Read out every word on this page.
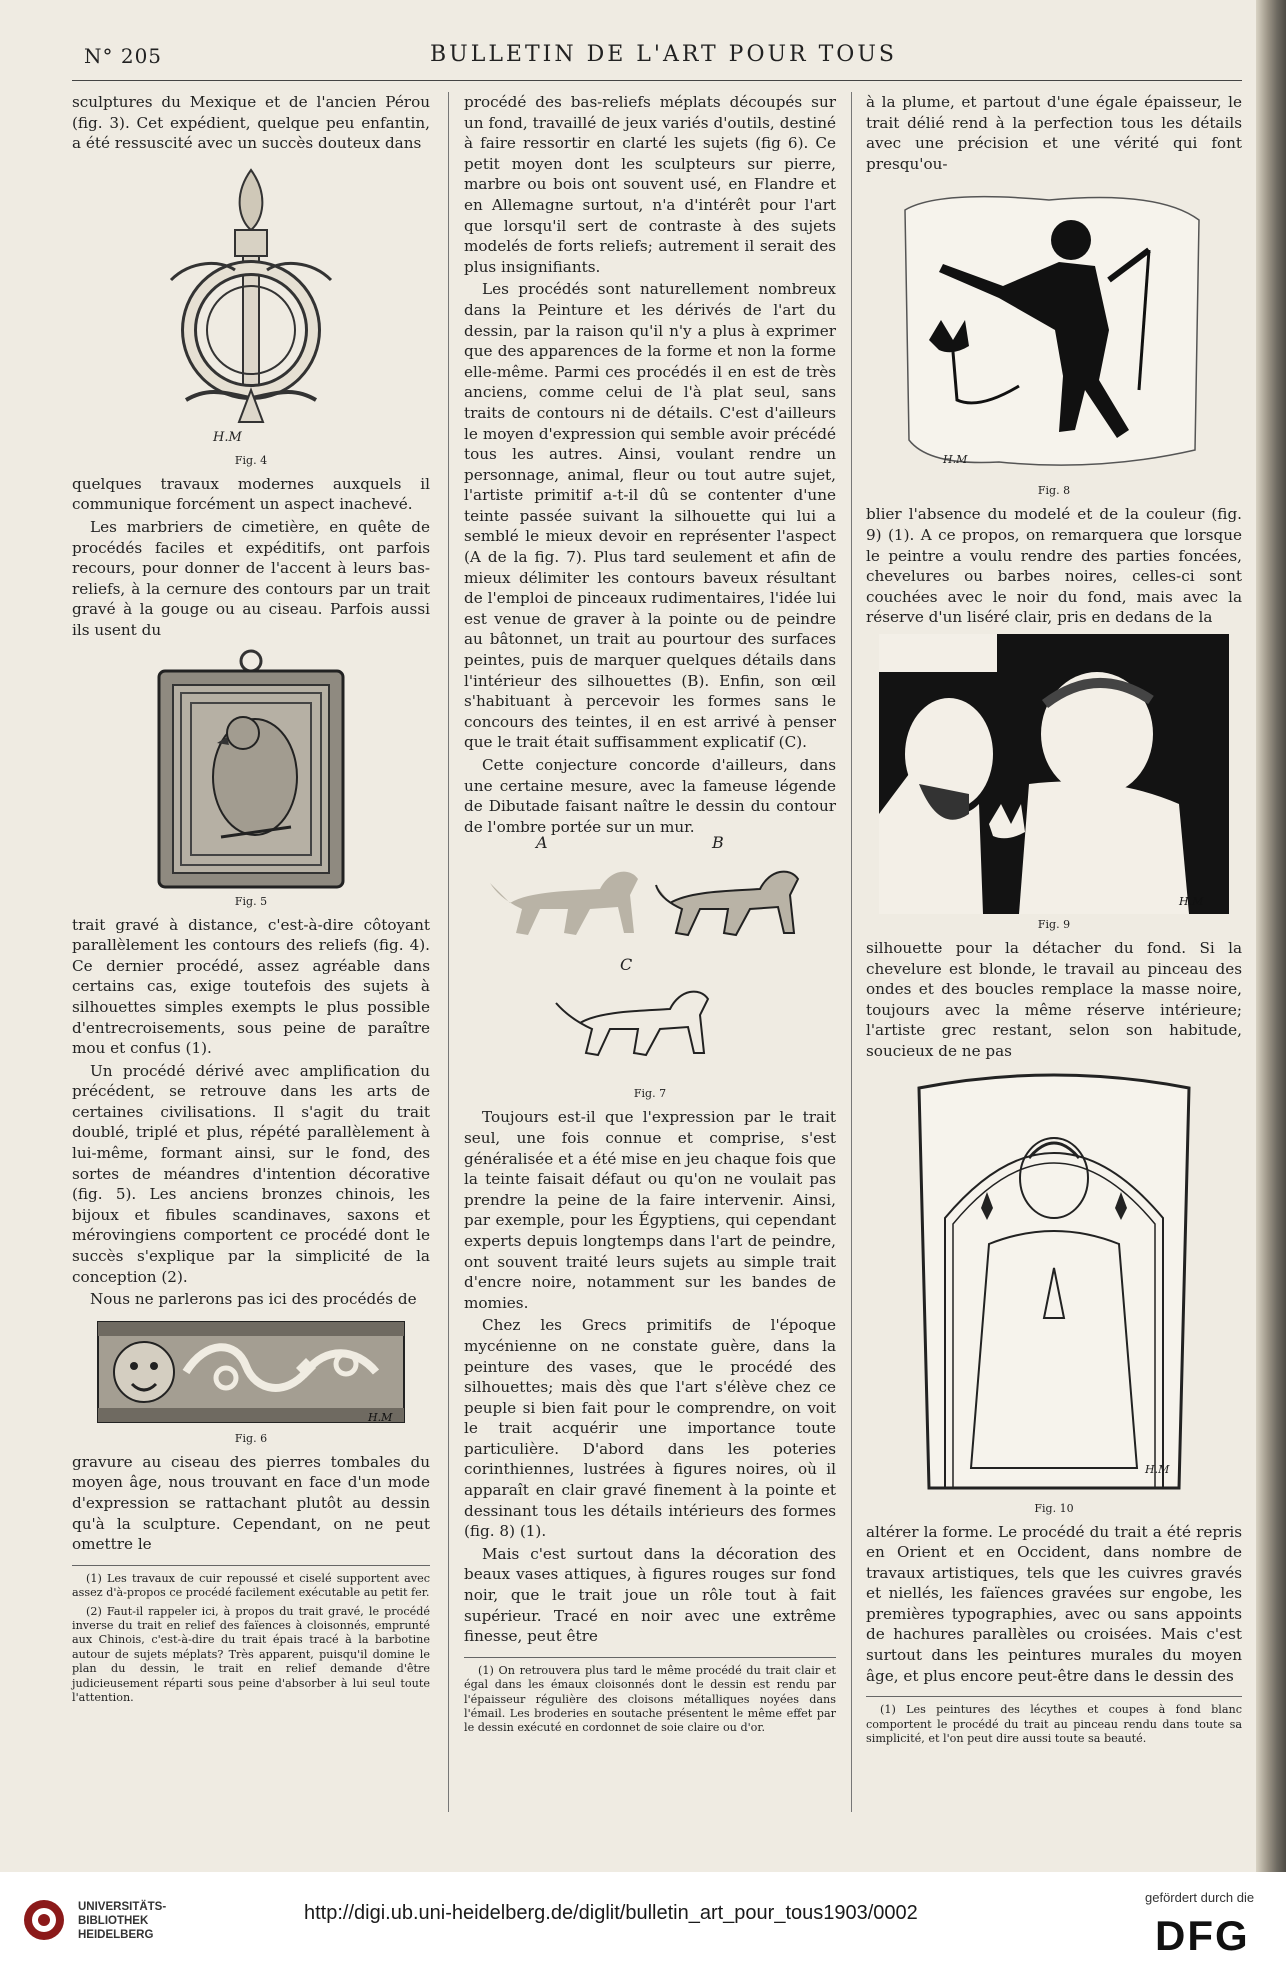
N° 205	BULLETIN DE L'ART POUR TOUS

sculptures du Mexique et de l'ancien Pérou (fig. 3). Cet expédient, quelque peu enfantin, a été ressuscité avec un succès douteux dans

H.M
Fig. 4

quelques travaux modernes auxquels il communique forcément un aspect inachevé.

Les marbriers de cimetière, en quête de procédés faciles et expéditifs, ont parfois recours, pour donner de l'accent à leurs bas-reliefs, à la cernure des contours par un trait gravé à la gouge ou au ciseau. Parfois aussi ils usent du

Fig. 5

trait gravé à distance, c'est-à-dire côtoyant parallèlement les contours des reliefs (fig. 4). Ce dernier procédé, assez agréable dans certains cas, exige toutefois des sujets à silhouettes simples exempts le plus possible d'entrecroisements, sous peine de paraître mou et confus (1).

Un procédé dérivé avec amplification du précédent, se retrouve dans les arts de certaines civilisations. Il s'agit du trait doublé, triplé et plus, répété parallèlement à lui-même, formant ainsi, sur le fond, des sortes de méandres d'intention décorative (fig. 5). Les anciens bronzes chinois, les bijoux et fibules scandinaves, saxons et mérovingiens comportent ce procédé dont le succès s'explique par la simplicité de la conception (2).

Nous ne parlerons pas ici des procédés de

H.M
Fig. 6

gravure au ciseau des pierres tombales du moyen âge, nous trouvant en face d'un mode d'expression se rattachant plutôt au dessin qu'à la sculpture. Cependant, on ne peut omettre le

(1) Les travaux de cuir repoussé et ciselé supportent avec assez d'à-propos ce procédé facilement exécutable au petit fer.

(2) Faut-il rappeler ici, à propos du trait gravé, le procédé inverse du trait en relief des faïences à cloisonnés, emprunté aux Chinois, c'est-à-dire du trait épais tracé à la barbotine autour de sujets méplats? Très apparent, puisqu'il domine le plan du dessin, le trait en relief demande d'être judicieusement réparti sous peine d'absorber à lui seul toute l'attention.

procédé des bas-reliefs méplats découpés sur un fond, travaillé de jeux variés d'outils, destiné à faire ressortir en clarté les sujets (fig 6). Ce petit moyen dont les sculpteurs sur pierre, marbre ou bois ont souvent usé, en Flandre et en Allemagne surtout, n'a d'intérêt pour l'art que lorsqu'il sert de contraste à des sujets modelés de forts reliefs; autrement il serait des plus insignifiants.

Les procédés sont naturellement nombreux dans la Peinture et les dérivés de l'art du dessin, par la raison qu'il n'y a plus à exprimer que des apparences de la forme et non la forme elle-même. Parmi ces procédés il en est de très anciens, comme celui de l'à plat seul, sans traits de contours ni de détails. C'est d'ailleurs le moyen d'expression qui semble avoir précédé tous les autres. Ainsi, voulant rendre un personnage, animal, fleur ou tout autre sujet, l'artiste primitif a-t-il dû se contenter d'une teinte passée suivant la silhouette qui lui a semblé le mieux devoir en représenter l'aspect (A de la fig. 7). Plus tard seulement et afin de mieux délimiter les contours baveux résultant de l'emploi de pinceaux rudimentaires, l'idée lui est venue de graver à la pointe ou de peindre au bâtonnet, un trait au pourtour des surfaces peintes, puis de marquer quelques détails dans l'intérieur des silhouettes (B). Enfin, son œil s'habituant à percevoir les formes sans le concours des teintes, il en est arrivé à penser que le trait était suffisamment explicatif (C).

Cette conjecture concorde d'ailleurs, dans une certaine mesure, avec la fameuse légende de Dibutade faisant naître le dessin du contour de l'ombre portée sur un mur.

A	B
C
Fig. 7

Toujours est-il que l'expression par le trait seul, une fois connue et comprise, s'est généralisée et a été mise en jeu chaque fois que la teinte faisait défaut ou qu'on ne voulait pas prendre la peine de la faire intervenir. Ainsi, par exemple, pour les Égyptiens, qui cependant experts depuis longtemps dans l'art de peindre, ont souvent traité leurs sujets au simple trait d'encre noire, notamment sur les bandes de momies.

Chez les Grecs primitifs de l'époque mycénienne on ne constate guère, dans la peinture des vases, que le procédé des silhouettes; mais dès que l'art s'élève chez ce peuple si bien fait pour le comprendre, on voit le trait acquérir une importance toute particulière. D'abord dans les poteries corinthiennes, lustrées à figures noires, où il apparaît en clair gravé finement à la pointe et dessinant tous les détails intérieurs des formes (fig. 8) (1).

Mais c'est surtout dans la décoration des beaux vases attiques, à figures rouges sur fond noir, que le trait joue un rôle tout à fait supérieur. Tracé en noir avec une extrême finesse, peut être

(1) On retrouvera plus tard le même procédé du trait clair et égal dans les émaux cloisonnés dont le dessin est rendu par l'épaisseur régulière des cloisons métalliques noyées dans l'émail. Les broderies en soutache présentent le même effet par le dessin exécuté en cordonnet de soie claire ou d'or.

à la plume, et partout d'une égale épaisseur, le trait délié rend à la perfection tous les détails avec une précision et une vérité qui font presqu'ou-

H.M
Fig. 8

blier l'absence du modelé et de la couleur (fig. 9) (1). A ce propos, on remarquera que lorsque le peintre a voulu rendre des parties foncées, chevelures ou barbes noires, celles-ci sont couchées avec le noir du fond, mais avec la réserve d'un liséré clair, pris en dedans de la

H.M
Fig. 9

silhouette pour la détacher du fond. Si la chevelure est blonde, le travail au pinceau des ondes et des boucles remplace la masse noire, toujours avec la même réserve intérieure; l'artiste grec restant, selon son habitude, soucieux de ne pas

H.M
Fig. 10

altérer la forme. Le procédé du trait a été repris en Orient et en Occident, dans nombre de travaux artistiques, tels que les cuivres gravés et niellés, les faïences gravées sur engobe, les premières typographies, avec ou sans appoints de hachures parallèles ou croisées. Mais c'est surtout dans les peintures murales du moyen âge, et plus encore peut-être dans le dessin des

(1) Les peintures des lécythes et coupes à fond blanc comportent le procédé du trait au pinceau rendu dans toute sa simplicité, et l'on peut dire aussi toute sa beauté.

UNIVERSITÄTS-
BIBLIOTHEK
HEIDELBERG
http://digi.ub.uni-heidelberg.de/diglit/bulletin_art_pour_tous1903/0002
gefördert durch die
DFG
